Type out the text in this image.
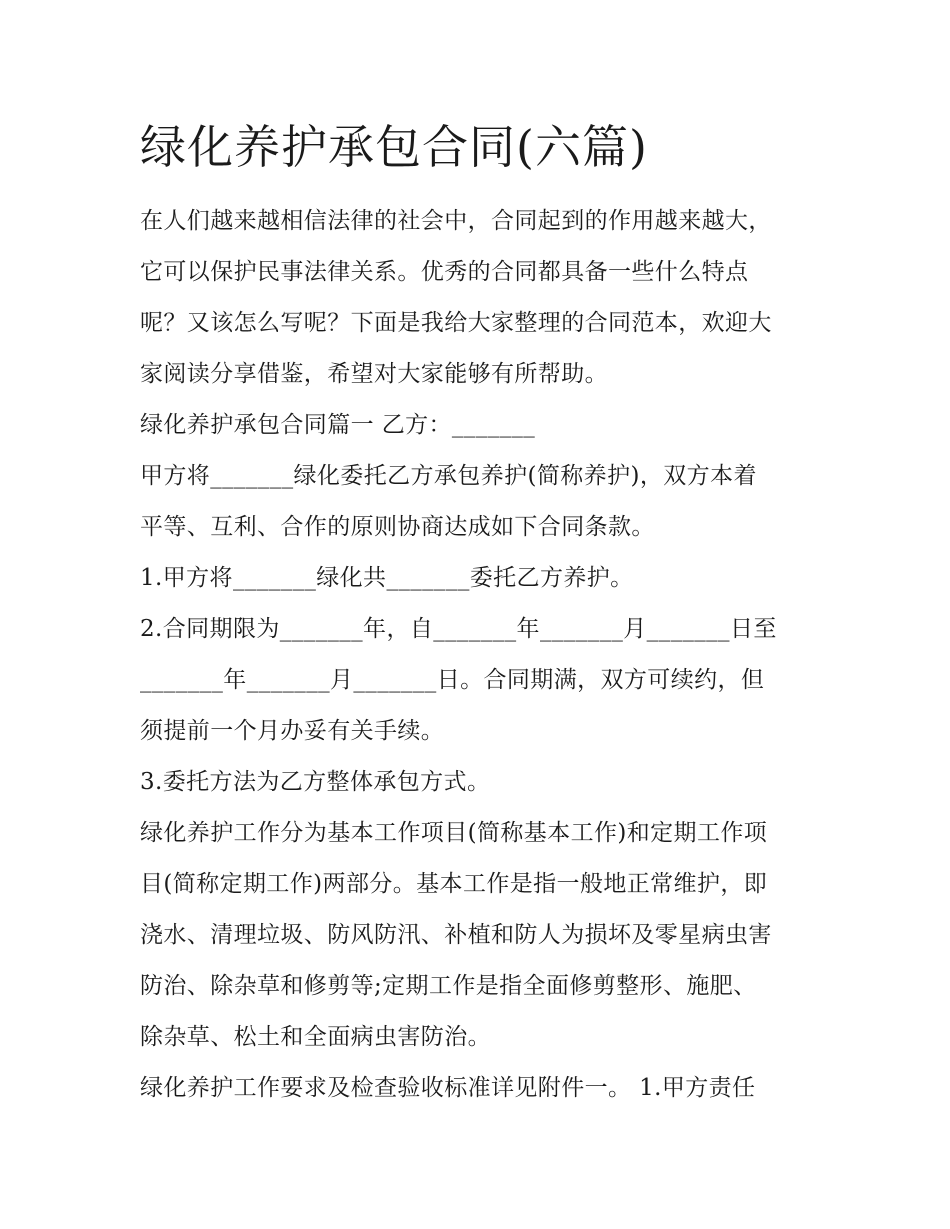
绿化养护承包合同(六篇)
在人们越来越相信法律的社会中，合同起到的作用越来越大，
它可以保护民事法律关系。优秀的合同都具备一些什么特点
呢？又该怎么写呢？下面是我给大家整理的合同范本，欢迎大
家阅读分享借鉴，希望对大家能够有所帮助。
绿化养护承包合同篇一 乙方：_______
甲方将_______绿化委托乙方承包养护(简称养护)，双方本着
平等、互利、合作的原则协商达成如下合同条款。
1.甲方将_______绿化共_______委托乙方养护。
2.合同期限为_______年，自_______年_______月_______日至
_______年_______月_______日。合同期满，双方可续约，但
须提前一个月办妥有关手续。
3.委托方法为乙方整体承包方式。
绿化养护工作分为基本工作项目(简称基本工作)和定期工作项
目(简称定期工作)两部分。基本工作是指一般地正常维护，即
浇水、清理垃圾、防风防汛、补植和防人为损坏及零星病虫害
防治、除杂草和修剪等;定期工作是指全面修剪整形、施肥、
除杂草、松土和全面病虫害防治。
绿化养护工作要求及检查验收标准详见附件一。 1.甲方责任
